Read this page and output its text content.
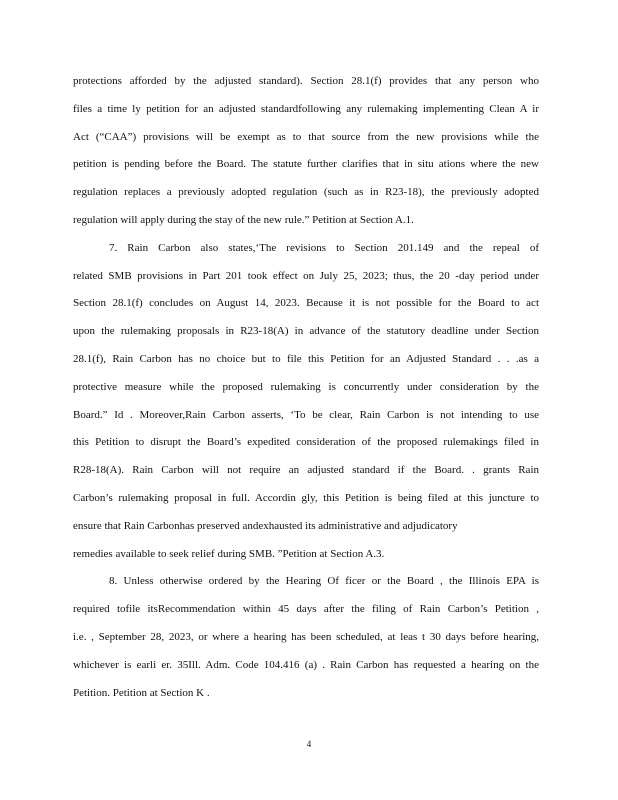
protections afforded by the adjusted standard). Section 28.1(f) provides that any person who
files a time ly petition for an adjusted standardfollowing any rulemaking implementing Clean A ir
Act (“CAA”) provisions will be exempt as to that source from the new provisions while the
petition is pending before the Board. The statute further clarifies that in situ ations where the new
regulation replaces a previously adopted regulation (such as in R23-18), the previously adopted
regulation will apply during the stay of the new rule.” Petition at Section A.1.
7. Rain Carbon also states,‘The revisions to Section 201.149 and the repeal of
related SMB provisions in Part 201 took effect on July 25, 2023; thus, the 20 -day period under
Section 28.1(f) concludes on August 14, 2023. Because it is not possible for the Board to act
upon the rulemaking proposals in R23-18(A) in advance of the statutory deadline under Section
28.1(f), Rain Carbon has no choice but to file this Petition for an Adjusted Standard . . .as a
protective measure while the proposed rulemaking is concurrently under consideration by the
Board.” Id . Moreover,Rain Carbon asserts, ‘To be clear, Rain Carbon is not intending to use
this Petition to disrupt the Board’s expedited consideration of the proposed rulemakings filed in
R28-18(A). Rain Carbon will not require an adjusted standard if the Board. . grants Rain
Carbon’s rulemaking proposal in full. Accordin gly, this Petition is being filed at this juncture to
ensure that Rain Carbonhas preserved andexhausted its administrative and adjudicatory
remedies available to seek relief during SMB. ”Petition at Section A.3.
8. Unless otherwise ordered by the Hearing Of ficer or the Board , the Illinois EPA is
required tofile itsRecommendation within 45 days after the filing of Rain Carbon’s Petition ,
i.e. , September 28, 2023, or where a hearing has been scheduled, at leas t 30 days before hearing,
whichever is earli er. 35Ill. Adm. Code 104.416 (a) . Rain Carbon has requested a hearing on the
Petition. Petition at Section K .
4
